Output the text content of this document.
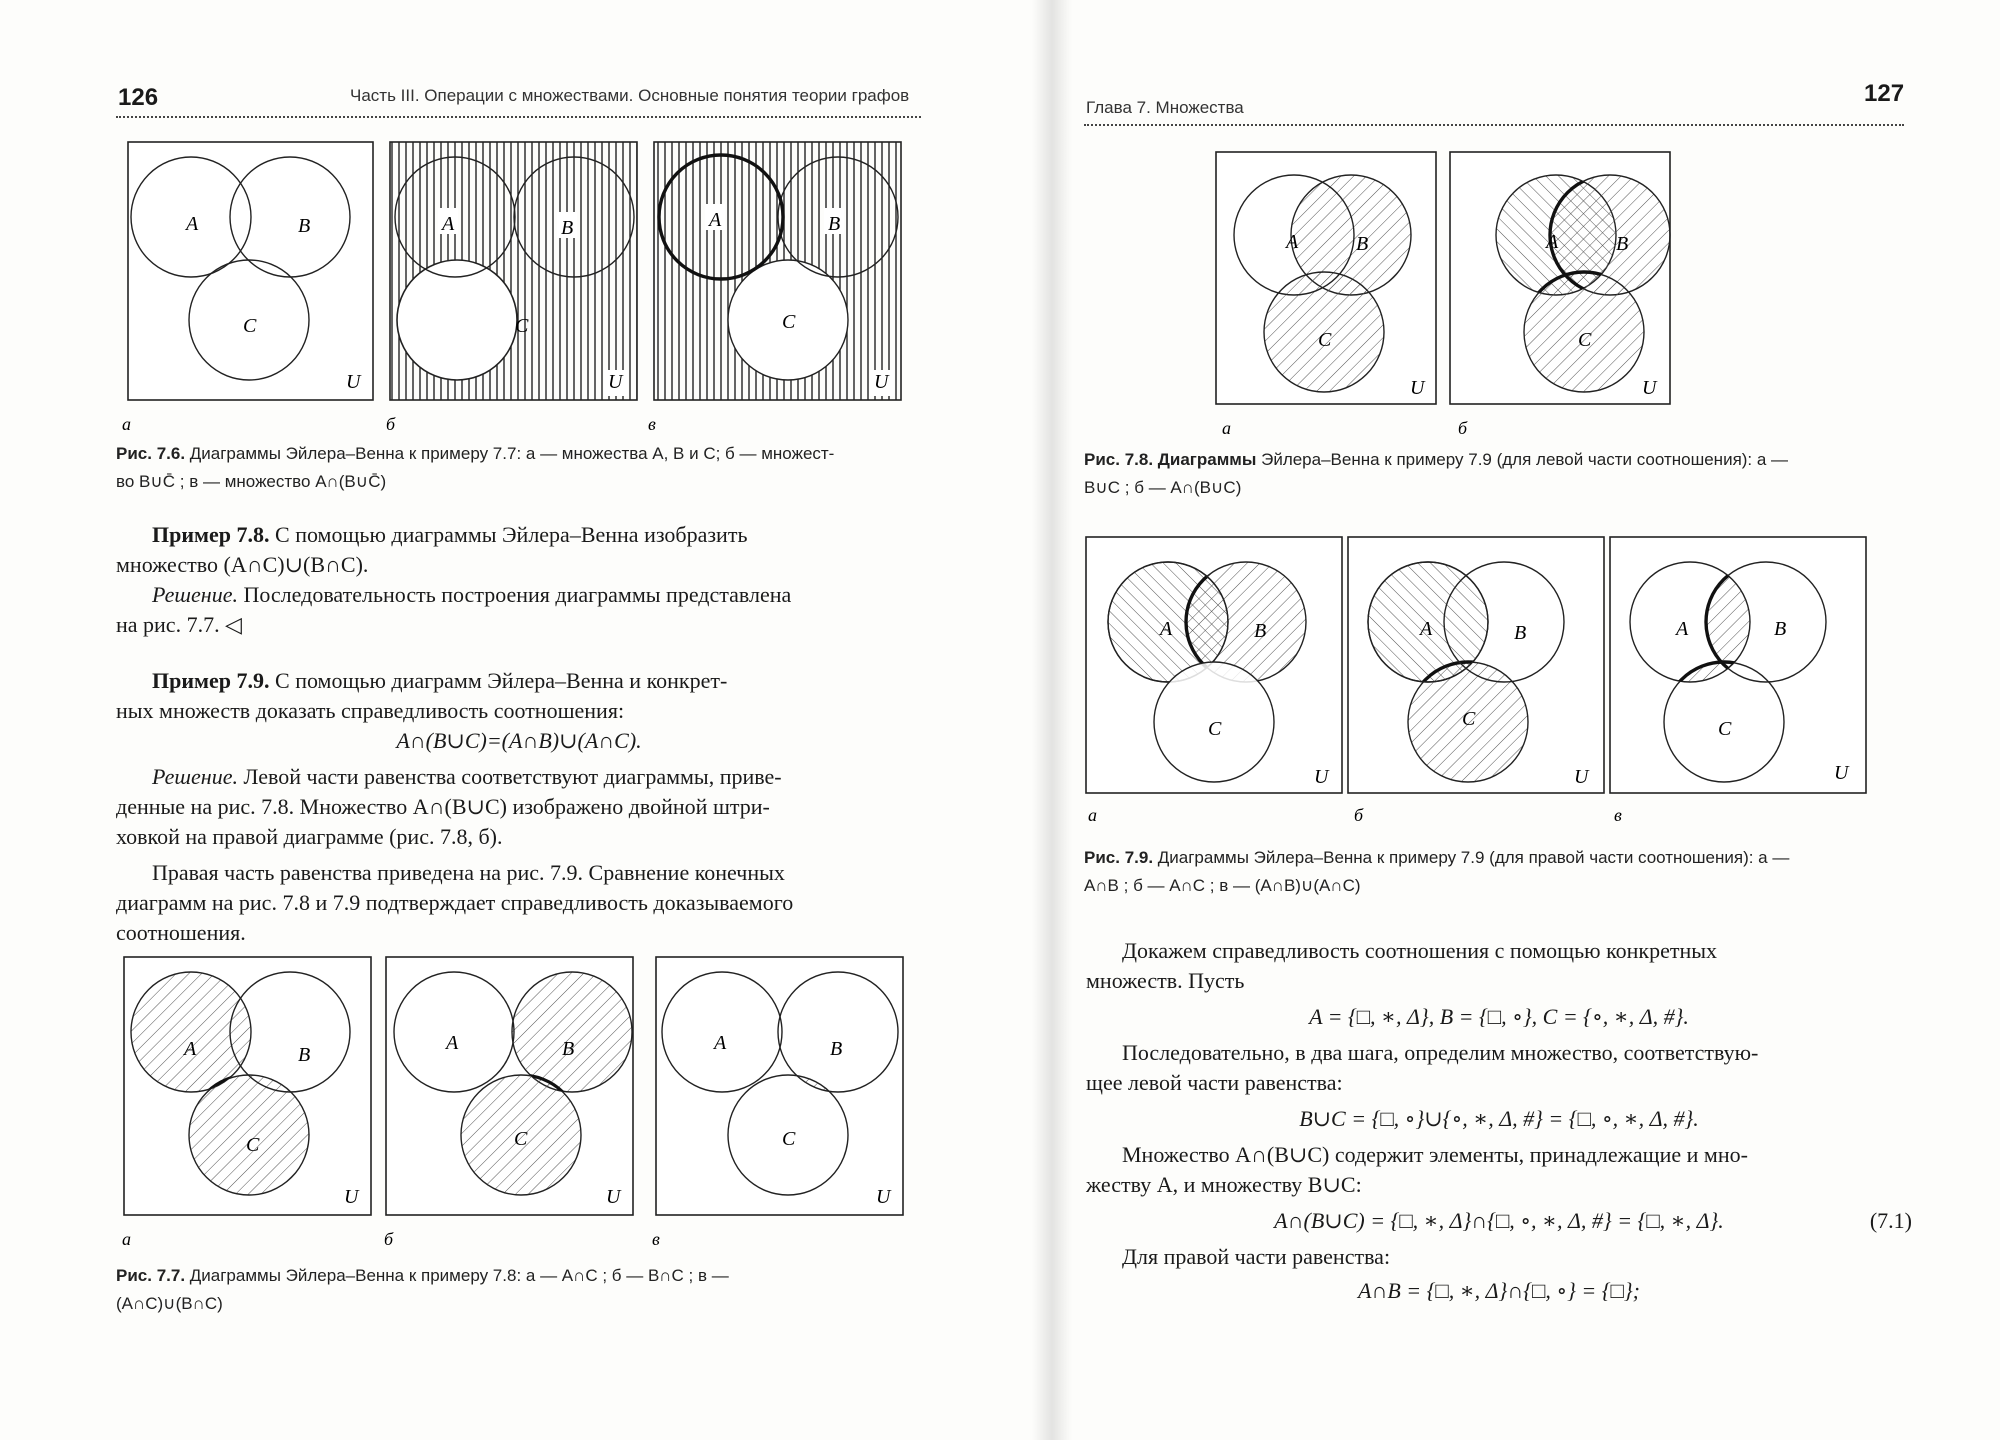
126	Часть III. Операции с множествами. Основные понятия теории графов
A	B
C
U
A	B
C
U
A	B
C
U
а	б	в
Рис. 7.6. Диаграммы Эйлера–Венна к примеру 7.7: а — множества A, B и C; б — множест-
во B∪C̄ ; в — множество A∩(B∪C̄)

Пример 7.8. С помощью диаграммы Эйлера–Венна изобразить

множество (A∩C)∪(B∩C).

Решение. Последовательность построения диаграммы представлена

на рис. 7.7. ◁

Пример 7.9. С помощью диаграмм Эйлера–Венна и конкрет-

ных множеств доказать справедливость соотношения:

A∩(B∪C)=(A∩B)∪(A∩C).

Решение. Левой части равенства соответствуют диаграммы, приве-

денные на рис. 7.8. Множество A∩(B∪C) изображено двойной штри-

ховкой на правой диаграмме (рис. 7.8, б).

Правая часть равенства приведена на рис. 7.9. Сравнение конечных

диаграмм на рис. 7.8 и 7.9 подтверждает справедливость доказываемого

соотношения.

A	B
C
U
A	B
C
U
A	B
C
U
а	б	в
Рис. 7.7. Диаграммы Эйлера–Венна к примеру 7.8: а — A∩C ; б — B∩C ; в —
(A∩C)∪(B∩C)
Глава 7. Множества
127
A	B
C
U
A	B
C
U
а	б
Рис. 7.8. Диаграммы Эйлера–Венна к примеру 7.9 (для левой части соотношения): а —
B∪C ; б — A∩(B∪C)
A	B
C
U
A	B
C
U
A	B
C
U
а	б	в
Рис. 7.9. Диаграммы Эйлера–Венна к примеру 7.9 (для правой части соотношения): а —
A∩B ; б — A∩C ; в — (A∩B)∪(A∩C)

Докажем справедливость соотношения с помощью конкретных

множеств. Пусть

A = {□, ∗, Δ}, B = {□, ∘}, C = {∘, ∗, Δ, #}.

Последовательно, в два шага, определим множество, соответствую-

щее левой части равенства:

B∪C = {□, ∘}∪{∘, ∗, Δ, #} = {□, ∘, ∗, Δ, #}.

Множество A∩(B∪C) содержит элементы, принадлежащие и мно-

жеству A, и множеству B∪C:

A∩(B∪C) = {□, ∗, Δ}∩{□, ∘, ∗, Δ, #} = {□, ∗, Δ}.	(7.1)

Для правой части равенства:

A∩B = {□, ∗, Δ}∩{□, ∘} = {□};
